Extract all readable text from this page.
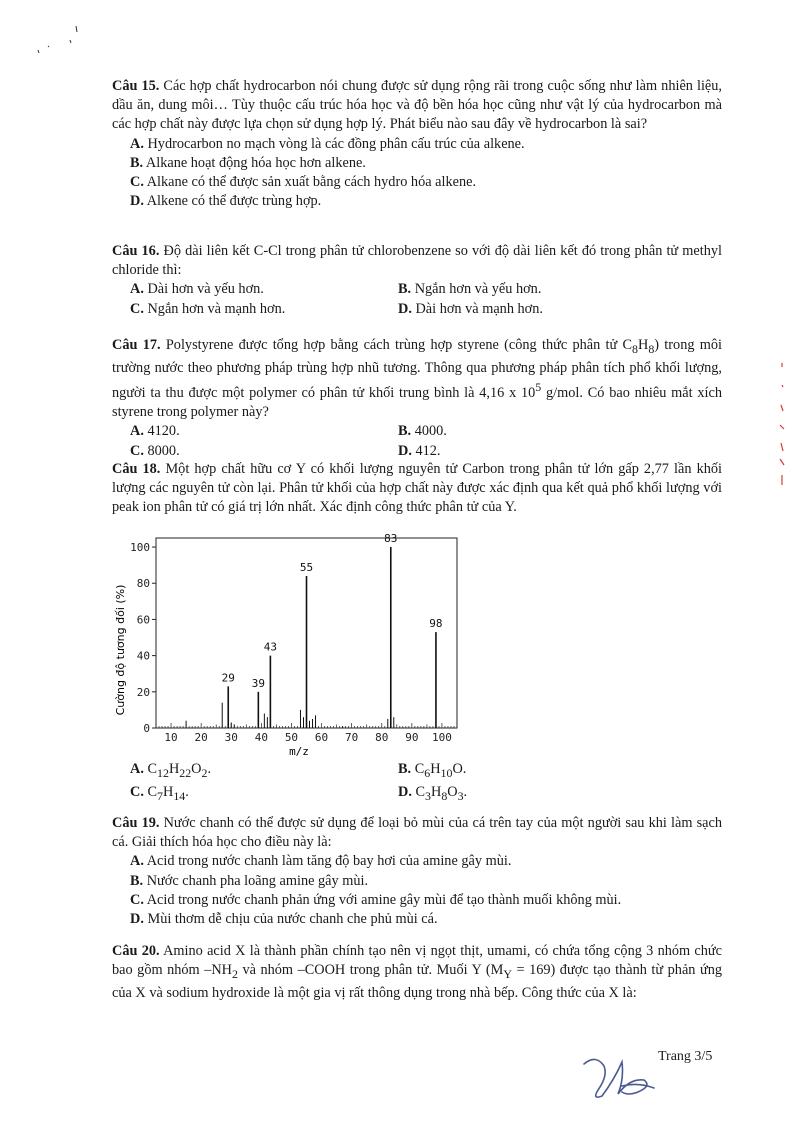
Câu 15. Các hợp chất hydrocarbon nói chung được sử dụng rộng rãi trong cuộc sống như làm nhiên liệu, dầu ăn, dung môi… Tùy thuộc cấu trúc hóa học và độ bền hóa học cũng như vật lý của hydrocarbon mà các hợp chất này được lựa chọn sử dụng hợp lý. Phát biểu nào sau đây về hydrocarbon là sai?

A. Hydrocarbon no mạch vòng là các đồng phân cấu trúc của alkene.
B. Alkane hoạt động hóa học hơn alkene.
C. Alkane có thể được sản xuất bằng cách hydro hóa alkene.
D. Alkene có thể được trùng hợp.

Câu 16. Độ dài liên kết C-Cl trong phân tử chlorobenzene so với độ dài liên kết đó trong phân tử methyl chloride thì:

A. Dài hơn và yếu hơn.	B. Ngắn hơn và yếu hơn.
C. Ngắn hơn và mạnh hơn.	D. Dài hơn và mạnh hơn.

Câu 17. Polystyrene được tổng hợp bằng cách trùng hợp styrene (công thức phân tử $C_8H_8$) trong môi trường nước theo phương pháp trùng hợp nhũ tương. Thông qua phương pháp phân tích phổ khối lượng, người ta thu được một polymer có phân tử khối trung bình là 4,16 x $10^5$ g/mol. Có bao nhiêu mắt xích styrene trong polymer này?

A. 4120.	B. 4000.
C. 8000.	D. 412.

Câu 18. Một hợp chất hữu cơ Y có khối lượng nguyên tử Carbon trong phân tử lớn gấp 2,77 lần khối lượng các nguyên tử còn lại. Phân tử khối của hợp chất này được xác định qua kết quả phổ khối lượng với peak ion phân tử có giá trị lớn nhất. Xác định công thức phân tử của Y.

10 20 30 40 50 60 70 80 90 100
0
20
40
60
80
100
29 39
43
55
83
98
m/z
Cường độ tương đối (%)
A. $C_{12}H_{22}O_2$.	B. $C_6H_{10}O$.
C. $C_7H_{14}$.	D. $C_3H_8O_3$.

Câu 19. Nước chanh có thể được sử dụng để loại bỏ mùi của cá trên tay của một người sau khi làm sạch cá. Giải thích hóa học cho điều này là:

A. Acid trong nước chanh làm tăng độ bay hơi của amine gây mùi.
B. Nước chanh pha loãng amine gây mùi.
C. Acid trong nước chanh phản ứng với amine gây mùi để tạo thành muối không mùi.
D. Mùi thơm dễ chịu của nước chanh che phủ mùi cá.

Câu 20. Amino acid X là thành phần chính tạo nên vị ngọt thịt, umami, có chứa tổng cộng 3 nhóm chức bao gồm nhóm $-NH_2$ và nhóm –COOH trong phân tử. Muối Y $(M_Y = 169)$ được tạo thành từ phản ứng của X và sodium hydroxide là một gia vị rất thông dụng trong nhà bếp. Công thức của X là:

Trang 3/5
